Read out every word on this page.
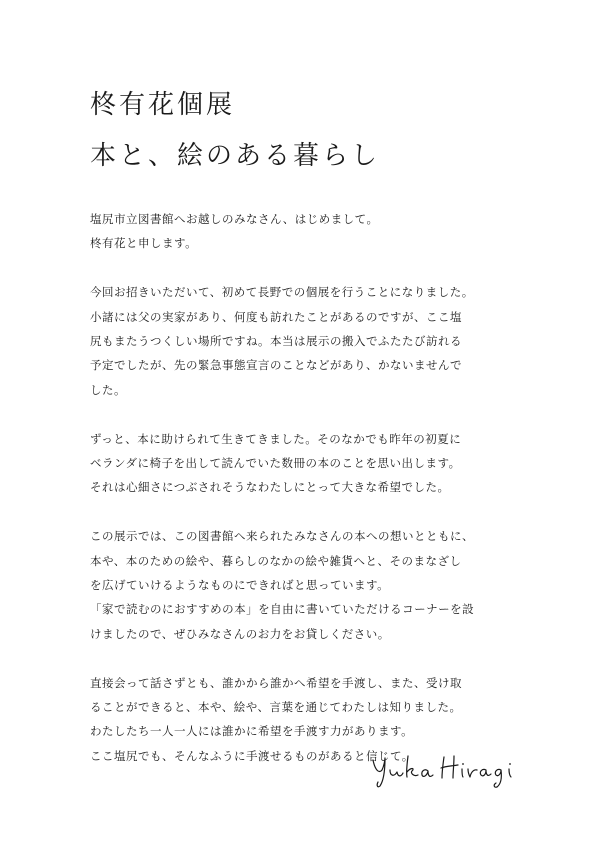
柊有花個展
本と、絵のある暮らし

塩尻市立図書館へお越しのみなさん、はじめまして。
柊有花と申します。

今回お招きいただいて、初めて長野での個展を行うことになりました。
小諸には父の実家があり、何度も訪れたことがあるのですが、ここ塩
尻もまたうつくしい場所ですね。本当は展示の搬入でふたたび訪れる
予定でしたが、先の緊急事態宣言のことなどがあり、かないませんで
した。

ずっと、本に助けられて生きてきました。そのなかでも昨年の初夏に
ベランダに椅子を出して読んでいた数冊の本のことを思い出します。
それは心細さにつぶされそうなわたしにとって大きな希望でした。

この展示では、この図書館へ来られたみなさんの本への想いとともに、
本や、本のための絵や、暮らしのなかの絵や雑貨へと、そのまなざし
を広げていけるようなものにできればと思っています。
「家で読むのにおすすめの本」を自由に書いていただけるコーナーを設
けましたので、ぜひみなさんのお力をお貸しください。

直接会って話さずとも、誰かから誰かへ希望を手渡し、また、受け取
ることができると、本や、絵や、言葉を通じてわたしは知りました。
わたしたち一人一人には誰かに希望を手渡す力があります。
ここ塩尻でも、そんなふうに手渡せるものがあると信じて。
